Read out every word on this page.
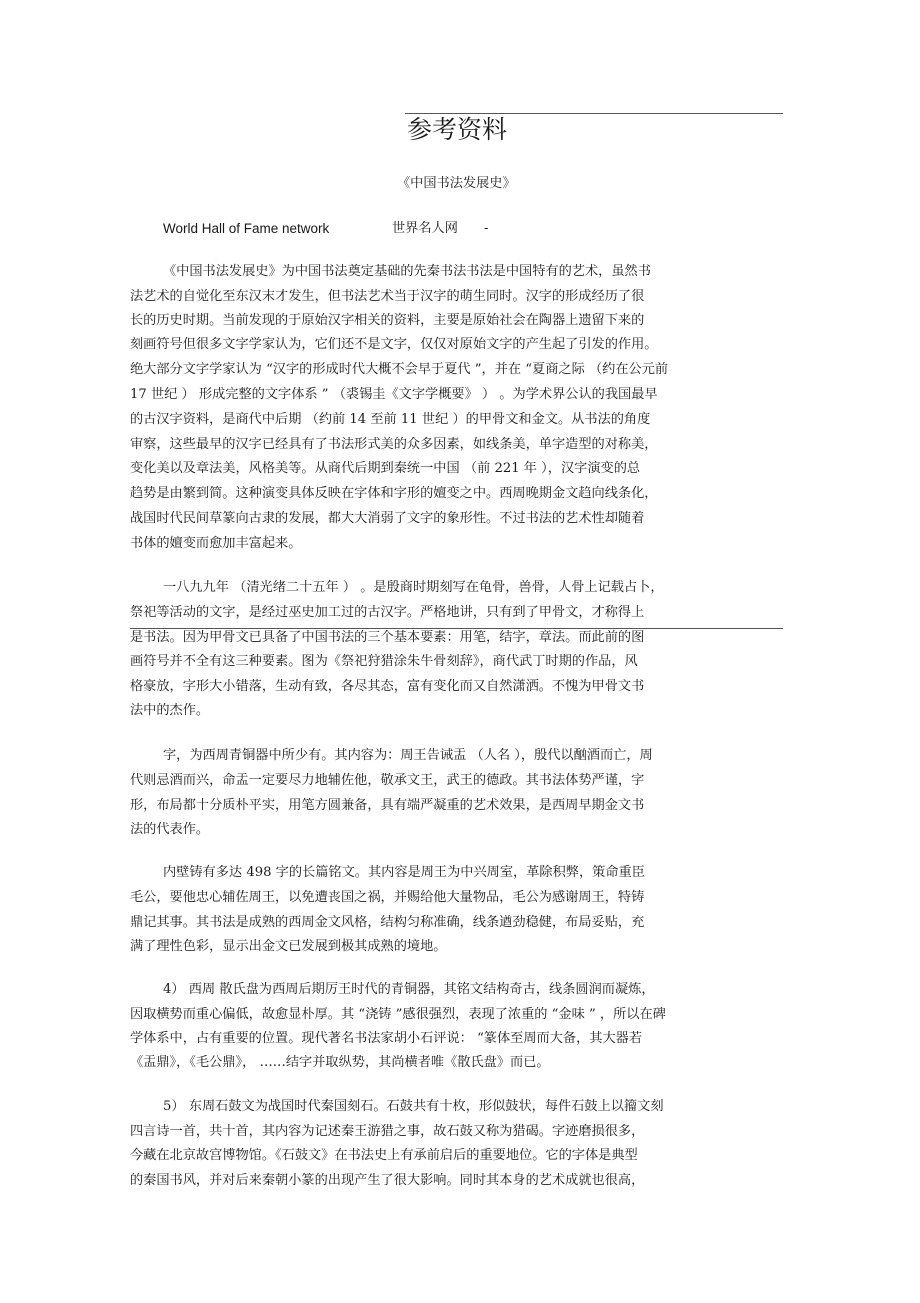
参考资料
《中国书法发展史》
World Hall of Fame network	世界名人网 -
《中国书法发展史》为中国书法奠定基础的先秦书法书法是中国特有的艺术，虽然书
法艺术的自觉化至东汉末才发生，但书法艺术当于汉字的萌生同时。汉字的形成经历了很
长的历史时期。当前发现的于原始汉字相关的资料，主要是原始社会在陶器上遗留下来的
刻画符号但很多文字学家认为，它们还不是文字，仅仅对原始文字的产生起了引发的作用。
绝大部分文字学家认为 “汉字的形成时代大概不会早于夏代 ”，并在 “夏商之际 （约在公元前
17 世纪 ） 形成完整的文字体系 ” （裘锡圭《文字学概要》 ） 。为学术界公认的我国最早
的古汉字资料，是商代中后期 （约前 14 至前 11 世纪 ）的甲骨文和金文。从书法的角度
审察，这些最早的汉字已经具有了书法形式美的众多因素，如线条美，单字造型的对称美，
变化美以及章法美，风格美等。从商代后期到秦统一中国 （前 221 年 ），汉字演变的总
趋势是由繁到简。这种演变具体反映在字体和字形的嬗变之中。西周晚期金文趋向线条化，
战国时代民间草篆向古隶的发展，都大大消弱了文字的象形性。不过书法的艺术性却随着
书体的嬗变而愈加丰富起来。
一八九九年 （清光绪二十五年 ） 。是殷商时期刻写在龟骨，兽骨，人骨上记载占卜，
祭祀等活动的文字，是经过巫史加工过的古汉字。严格地讲，只有到了甲骨文，才称得上
是书法。因为甲骨文已具备了中国书法的三个基本要素：用笔，结字，章法。而此前的图
画符号并不全有这三种要素。图为《祭祀狩猎涂朱牛骨刻辞》，商代武丁时期的作品，风
格豪放，字形大小错落，生动有致，各尽其态，富有变化而又自然潇洒。不愧为甲骨文书
法中的杰作。
字，为西周青铜器中所少有。其内容为：周王告诫盂 （人名 ），殷代以酗酒而亡，周
代则忌酒而兴，命盂一定要尽力地辅佐他，敬承文王，武王的德政。其书法体势严谨，字
形，布局都十分质朴平实，用笔方圆兼备，具有端严凝重的艺术效果，是西周早期金文书
法的代表作。
内壁铸有多达 498 字的长篇铭文。其内容是周王为中兴周室，革除积弊，策命重臣
毛公，要他忠心辅佐周王，以免遭丧国之祸，并赐给他大量物品，毛公为感谢周王，特铸
鼎记其事。其书法是成熟的西周金文风格，结构匀称准确，线条遒劲稳健，布局妥贴，充
满了理性色彩，显示出金文已发展到极其成熟的境地。
4） 西周 散氏盘为西周后期厉王时代的青铜器，其铭文结构奇古，线条圆润而凝炼，
因取横势而重心偏低，故愈显朴厚。其 “浇铸 ”感很强烈，表现了浓重的 “金味 ” ，所以在碑
学体系中，占有重要的位置。现代著名书法家胡小石评说： “篆体至周而大备，其大器若
《盂鼎》，《毛公鼎》， ……结字并取纵势，其尚横者唯《散氏盘》而已。
5） 东周石鼓文为战国时代秦国刻石。石鼓共有十枚，形似鼓状，每件石鼓上以籀文刻
四言诗一首，共十首，其内容为记述秦王游猎之事，故石鼓又称为猎碣。字迹磨损很多，
今藏在北京故宫博物馆。《石鼓文》在书法史上有承前启后的重要地位。它的字体是典型
的秦国书风，并对后来秦朝小篆的出现产生了很大影响。同时其本身的艺术成就也很高，
